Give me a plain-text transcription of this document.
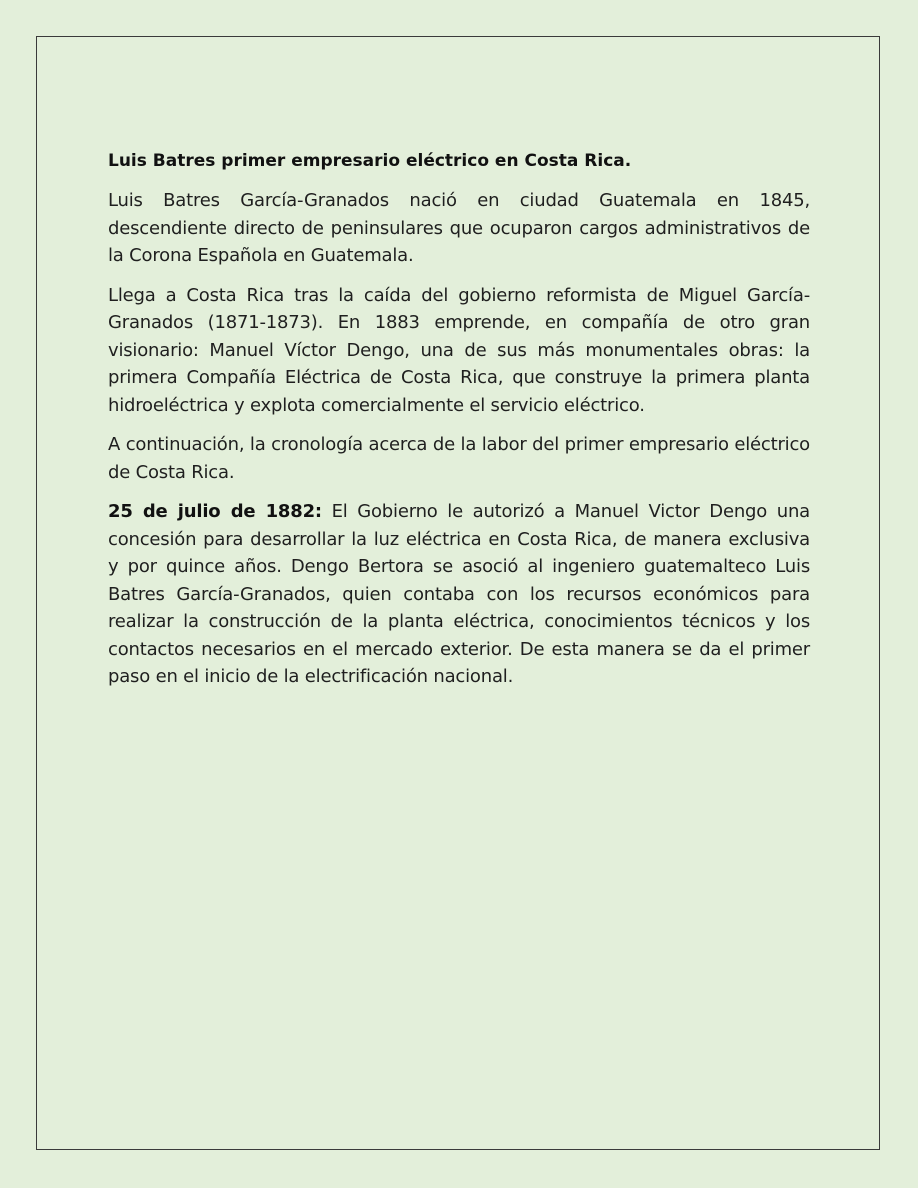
Luis Batres primer empresario eléctrico en Costa Rica.

Luis Batres García-Granados nació en ciudad Guatemala en 1845, descendiente directo de peninsulares que ocuparon cargos administrativos de la Corona Española en Guatemala.

Llega a Costa Rica tras la caída del gobierno reformista de Miguel García-Granados (1871-1873). En 1883 emprende, en compañía de otro gran visionario: Manuel Víctor Dengo, una de sus más monumentales obras: la primera Compañía Eléctrica de Costa Rica, que construye la primera planta hidroeléctrica y explota comercialmente el servicio eléctrico.

A continuación, la cronología acerca de la labor del primer empresario eléctrico de Costa Rica.

25 de julio de 1882: El Gobierno le autorizó a Manuel Victor Dengo una concesión para desarrollar la luz eléctrica en Costa Rica, de manera exclusiva y por quince años. Dengo Bertora se asoció al ingeniero guatemalteco Luis Batres García-Granados, quien contaba con los recursos económicos para realizar la construcción de la planta eléctrica, conocimientos técnicos y los contactos necesarios en el mercado exterior. De esta manera se da el primer paso en el inicio de la electrificación nacional.
